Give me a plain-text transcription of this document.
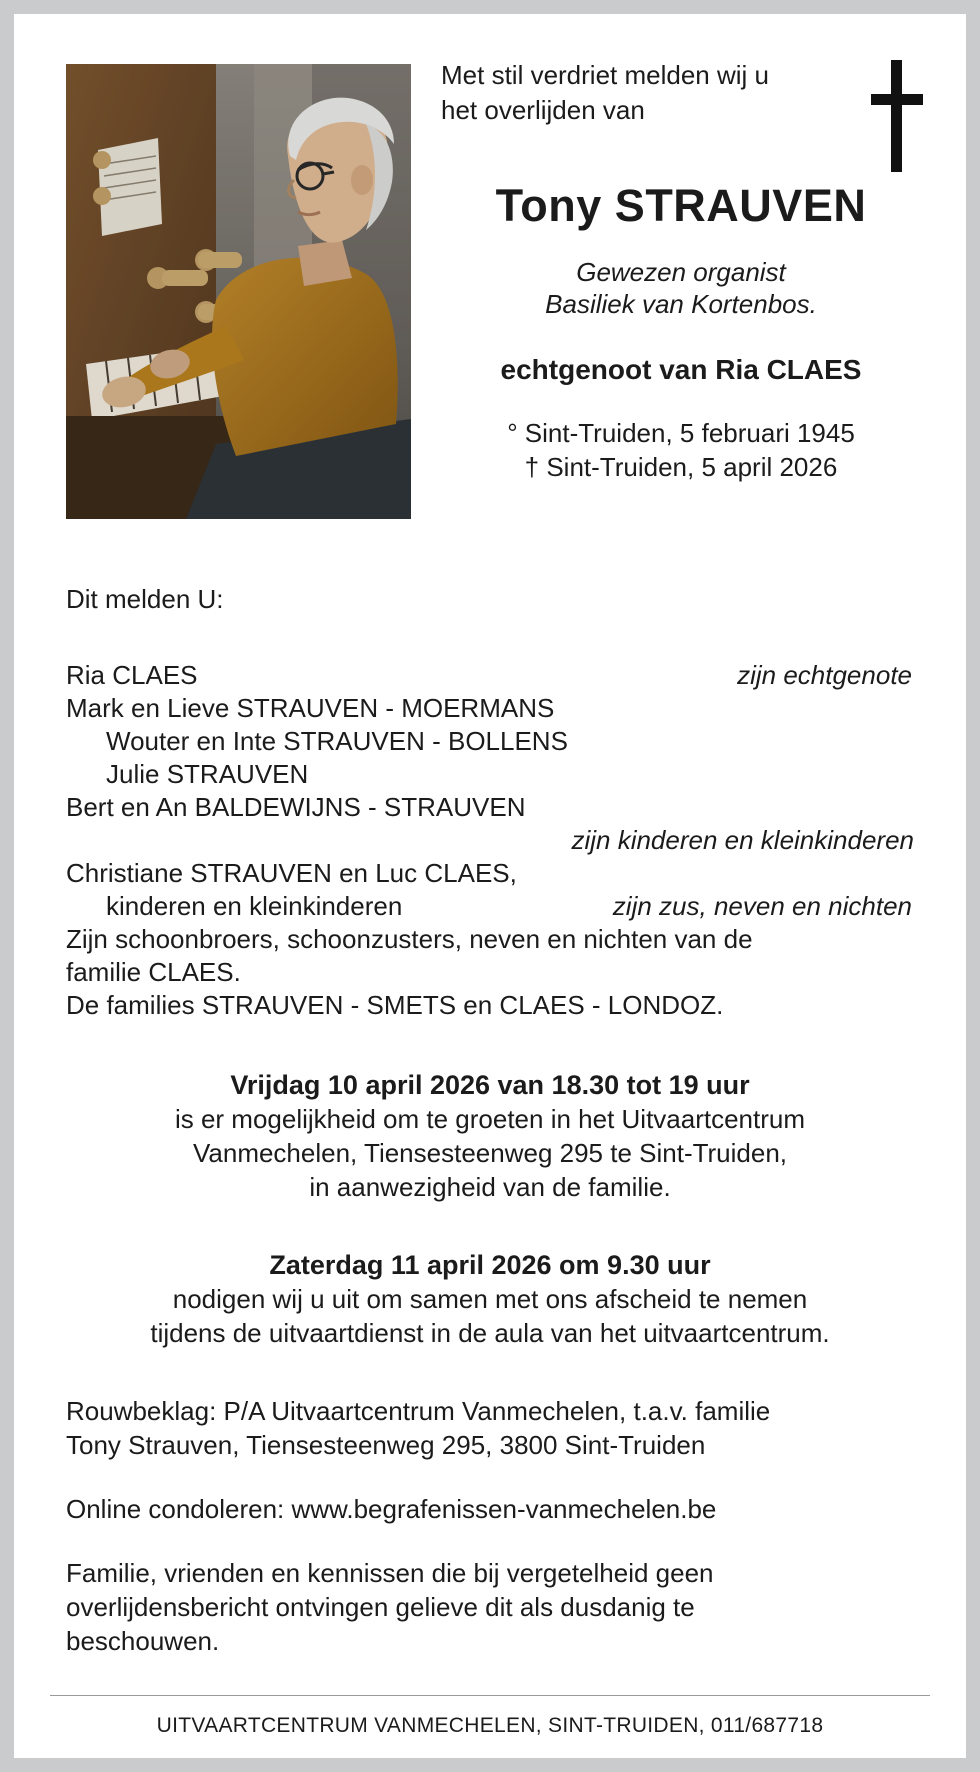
Met stil verdriet melden wij u
het overlijden van
Tony STRAUVEN
Gewezen organist
Basiliek van Kortenbos.
echtgenoot van Ria CLAES
° Sint-Truiden, 5 februari 1945
† Sint-Truiden, 5 april 2026
Dit melden U:
Ria CLAES	zijn echtgenote
Mark en Lieve STRAUVEN - MOERMANS
Wouter en Inte STRAUVEN - BOLLENS
Julie STRAUVEN
Bert en An BALDEWIJNS - STRAUVEN
zijn kinderen en kleinkinderen
Christiane STRAUVEN en Luc CLAES,
kinderen en kleinkinderen	zijn zus, neven en nichten
Zijn schoonbroers, schoonzusters, neven en nichten van de
familie CLAES.
De families STRAUVEN - SMETS en CLAES - LONDOZ.
Vrijdag 10 april 2026 van 18.30 tot 19 uur
is er mogelijkheid om te groeten in het Uitvaartcentrum
Vanmechelen, Tiensesteenweg 295 te Sint-Truiden,
in aanwezigheid van de familie.
Zaterdag 11 april 2026 om 9.30 uur
nodigen wij u uit om samen met ons afscheid te nemen
tijdens de uitvaartdienst in de aula van het uitvaartcentrum.

Rouwbeklag: P/A Uitvaartcentrum Vanmechelen, t.a.v. familie
Tony Strauven, Tiensesteenweg 295, 3800 Sint-Truiden

Online condoleren: www.begrafenissen-vanmechelen.be

Familie, vrienden en kennissen die bij vergetelheid geen
overlijdensbericht ontvingen gelieve dit als dusdanig te
beschouwen.

UITVAARTCENTRUM VANMECHELEN, SINT-TRUIDEN, 011/687718
